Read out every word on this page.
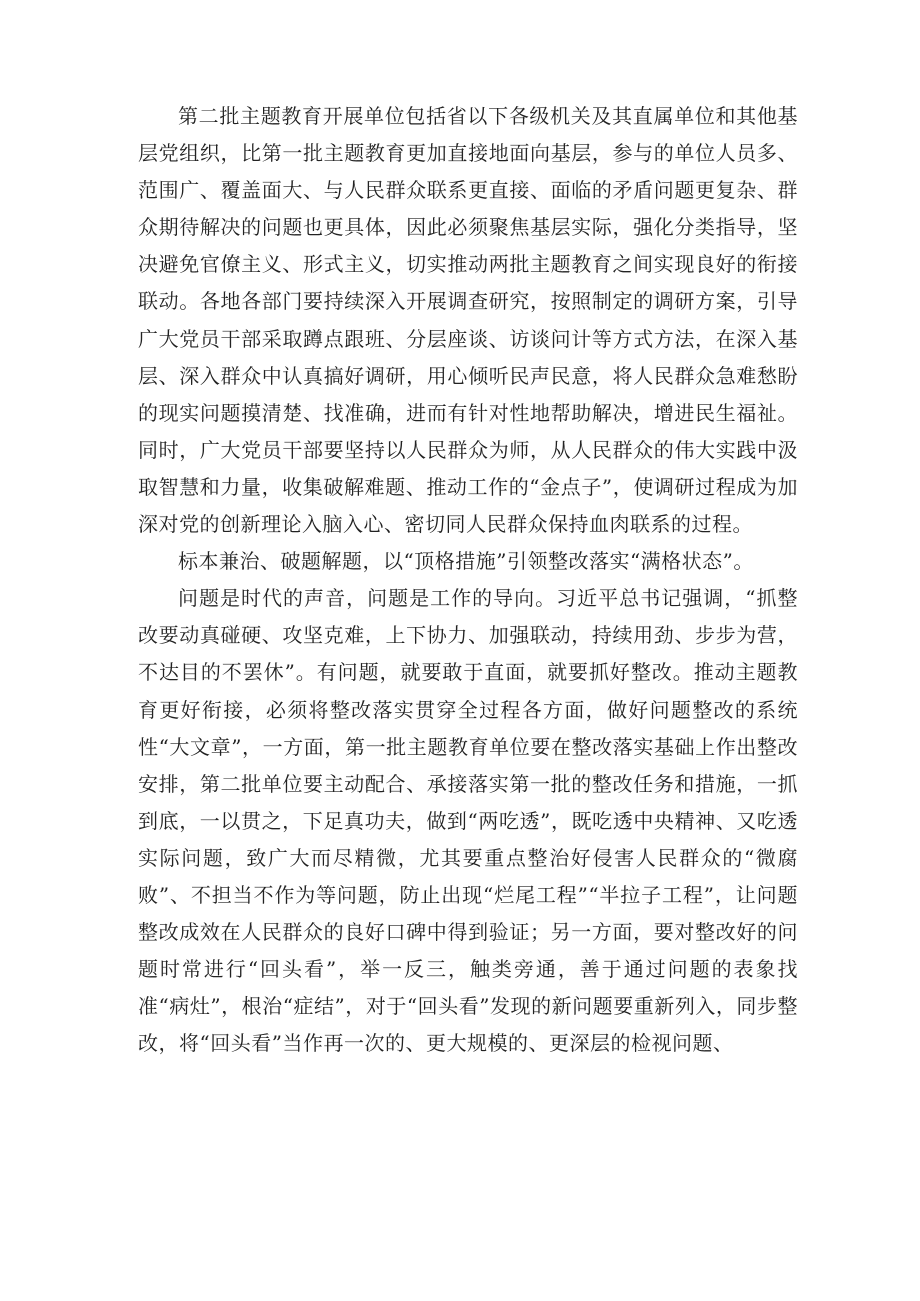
第二批主题教育开展单位包括省以下各级机关及其直属单位和其他基层党组织，比第一批主题教育更加直接地面向基层，参与的单位人员多、范围广、覆盖面大、与人民群众联系更直接、面临的矛盾问题更复杂、群众期待解决的问题也更具体，因此必须聚焦基层实际，强化分类指导，坚决避免官僚主义、形式主义，切实推动两批主题教育之间实现良好的衔接联动。各地各部门要持续深入开展调查研究，按照制定的调研方案，引导广大党员干部采取蹲点跟班、分层座谈、访谈问计等方式方法，在深入基层、深入群众中认真搞好调研，用心倾听民声民意，将人民群众急难愁盼的现实问题摸清楚、找准确，进而有针对性地帮助解决，增进民生福祉。同时，广大党员干部要坚持以人民群众为师，从人民群众的伟大实践中汲取智慧和力量，收集破解难题、推动工作的“金点子”，使调研过程成为加深对党的创新理论入脑入心、密切同人民群众保持血肉联系的过程。

标本兼治、破题解题，以“顶格措施”引领整改落实“满格状态”。

问题是时代的声音，问题是工作的导向。习近平总书记强调，“抓整改要动真碰硬、攻坚克难，上下协力、加强联动，持续用劲、步步为营，不达目的不罢休”。有问题，就要敢于直面，就要抓好整改。推动主题教育更好衔接，必须将整改落实贯穿全过程各方面，做好问题整改的系统性“大文章”，一方面，第一批主题教育单位要在整改落实基础上作出整改安排，第二批单位要主动配合、承接落实第一批的整改任务和措施，一抓到底，一以贯之，下足真功夫，做到“两吃透”，既吃透中央精神、又吃透实际问题，致广大而尽精微，尤其要重点整治好侵害人民群众的“微腐败”、不担当不作为等问题，防止出现“烂尾工程”“半拉子工程”，让问题整改成效在人民群众的良好口碑中得到验证；另一方面，要对整改好的问题时常进行“回头看”，举一反三，触类旁通，善于通过问题的表象找准“病灶”，根治“症结”，对于“回头看”发现的新问题要重新列入，同步整改，将“回头看”当作再一次的、更大规模的、更深层的检视问题、
